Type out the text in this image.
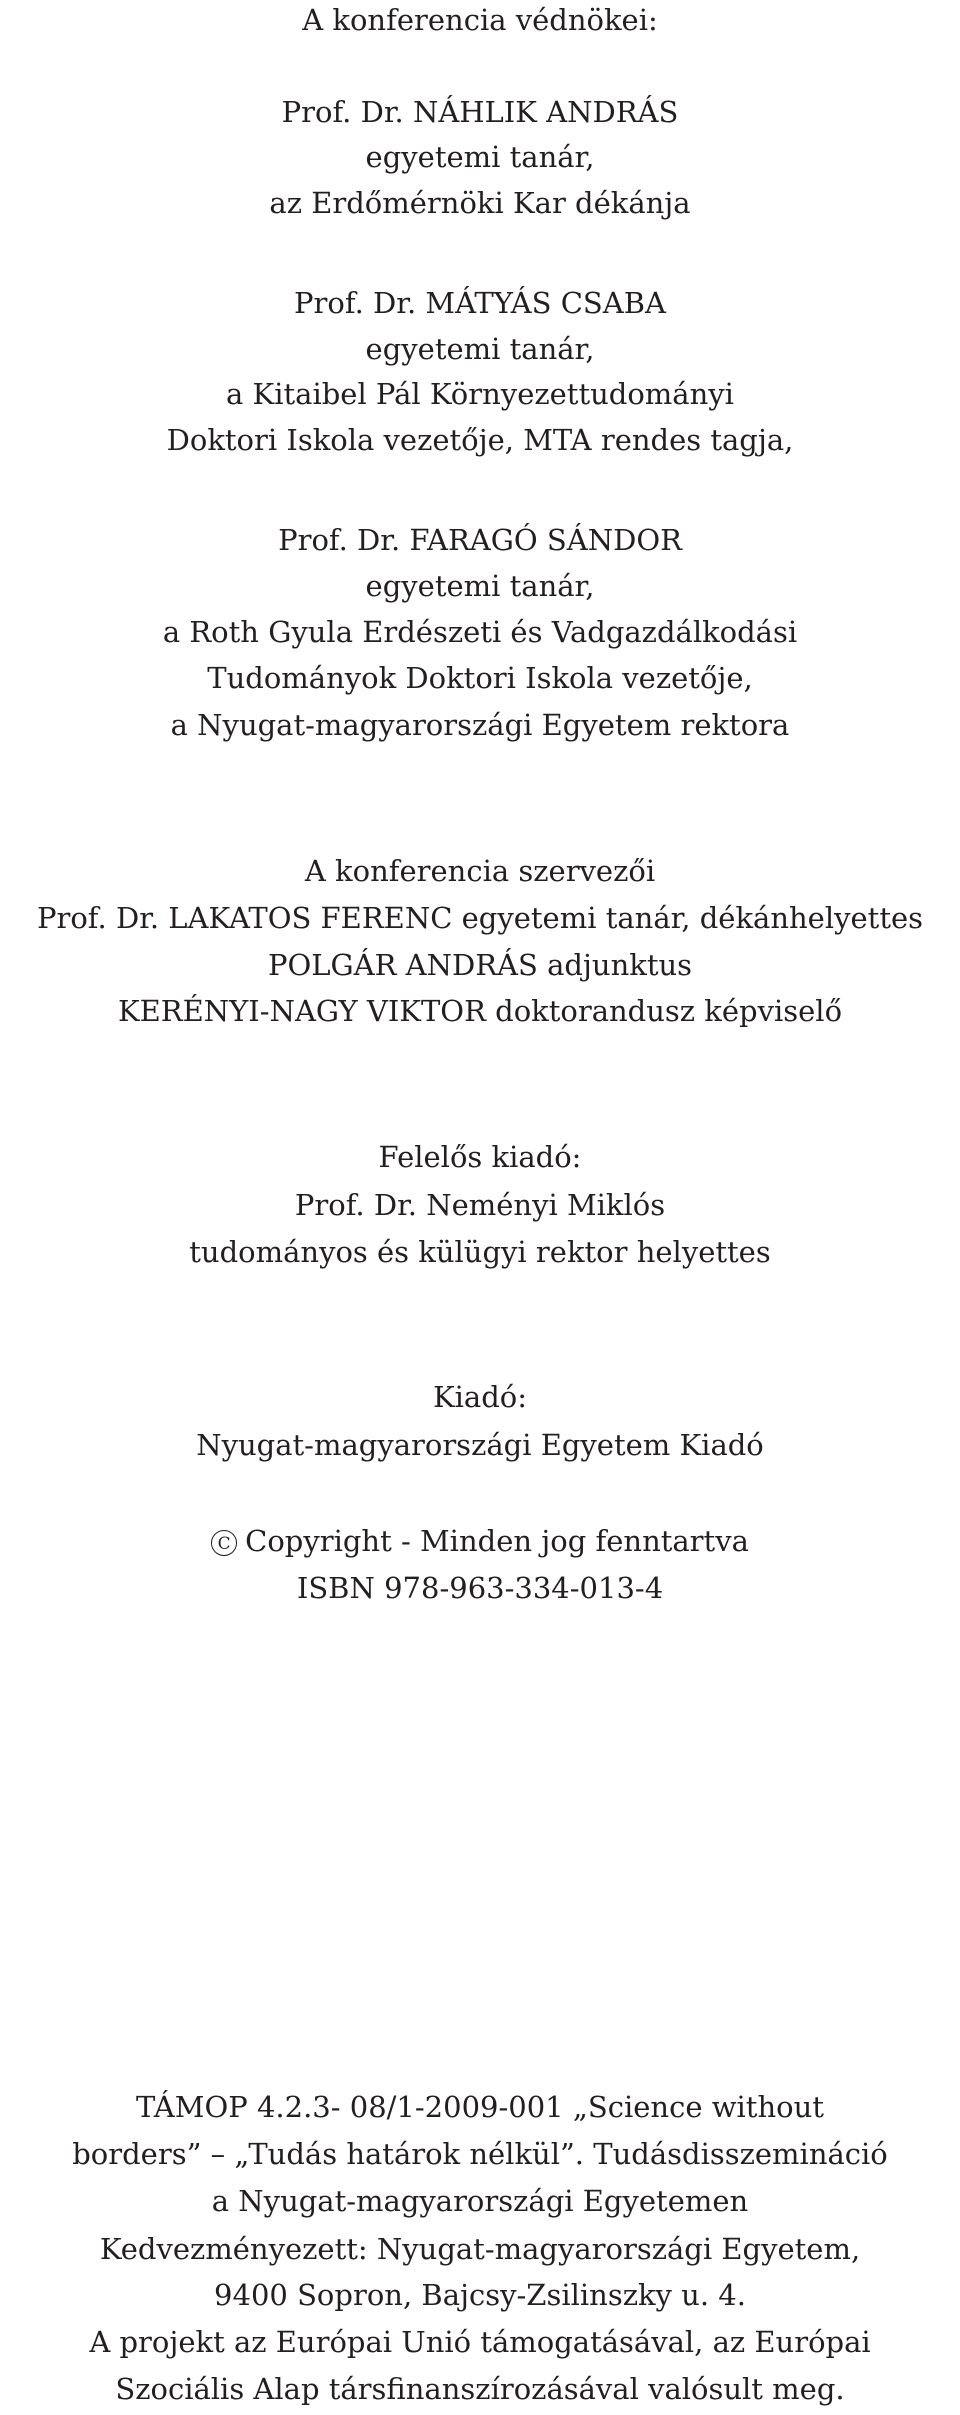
A konferencia védnökei:

Prof. Dr. NÁHLIK ANDRÁS

egyetemi tanár,

az Erdőmérnöki Kar dékánja

Prof. Dr. MÁTYÁS CSABA

egyetemi tanár,

a Kitaibel Pál Környezettudományi

Doktori Iskola vezetője, MTA rendes tagja,

Prof. Dr. FARAGÓ SÁNDOR

egyetemi tanár,

a Roth Gyula Erdészeti és Vadgazdálkodási

Tudományok Doktori Iskola vezetője,

a Nyugat-magyarországi Egyetem rektora

A konferencia szervezői

Prof. Dr. LAKATOS FERENC egyetemi tanár, dékánhelyettes

POLGÁR ANDRÁS adjunktus

KERÉNYI-NAGY VIKTOR doktorandusz képviselő

Felelős kiadó:

Prof. Dr. Neményi Miklós

tudományos és külügyi rektor helyettes

Kiadó:

Nyugat-magyarországi Egyetem Kiadó

C Copyright - Minden jog fenntartva

ISBN 978-963-334-013-4

TÁMOP 4.2.3- 08/1-2009-001 „Science without

borders” – „Tudás határok nélkül”. Tudásdisszemináció

a Nyugat-magyarországi Egyetemen

Kedvezményezett: Nyugat-magyarországi Egyetem,

9400 Sopron, Bajcsy-Zsilinszky u. 4.

A projekt az Európai Unió támogatásával, az Európai

Szociális Alap társfinanszírozásával valósult meg.
